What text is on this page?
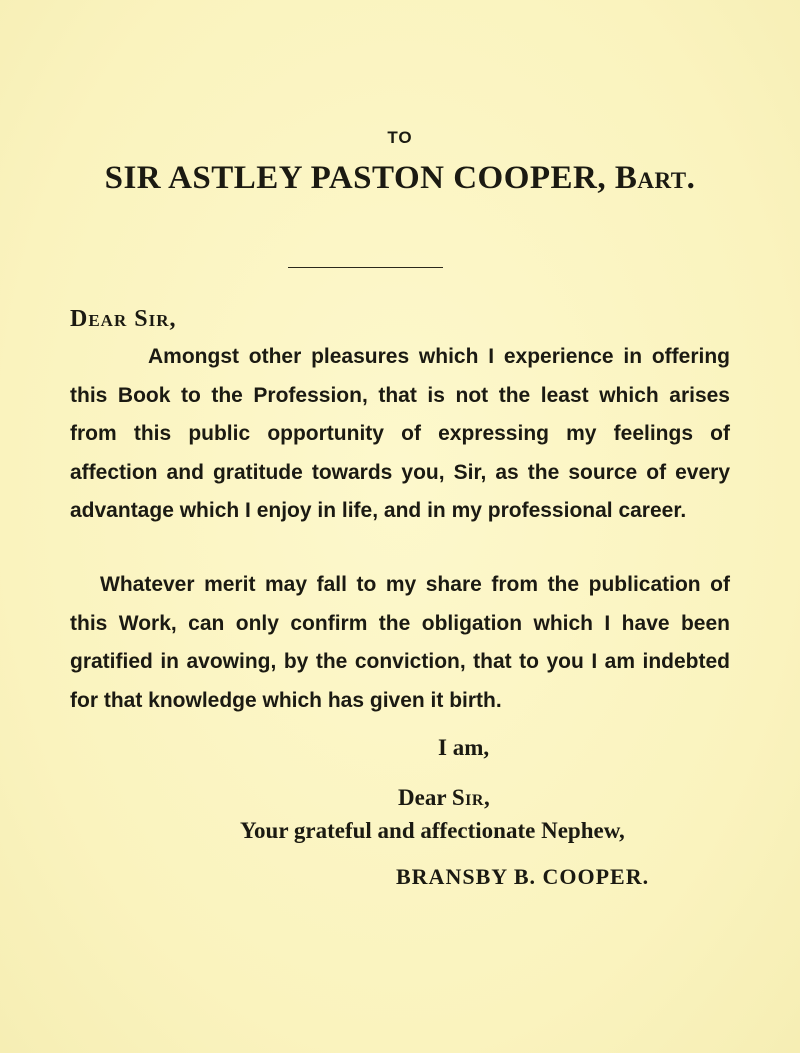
TO
SIR ASTLEY PASTON COOPER, Bart.
Dear Sir,
Amongst other pleasures which I experience in offering this Book to the Profession, that is not the least which arises from this public opportunity of expressing my feelings of affection and gratitude towards you, Sir, as the source of every advantage which I enjoy in life, and in my professional career.
Whatever merit may fall to my share from the publication of this Work, can only confirm the obligation which I have been gratified in avowing, by the conviction, that to you I am indebted for that knowledge which has given it birth.
I am,
Dear Sir,
Your grateful and affectionate Nephew,
BRANSBY B. COOPER.
